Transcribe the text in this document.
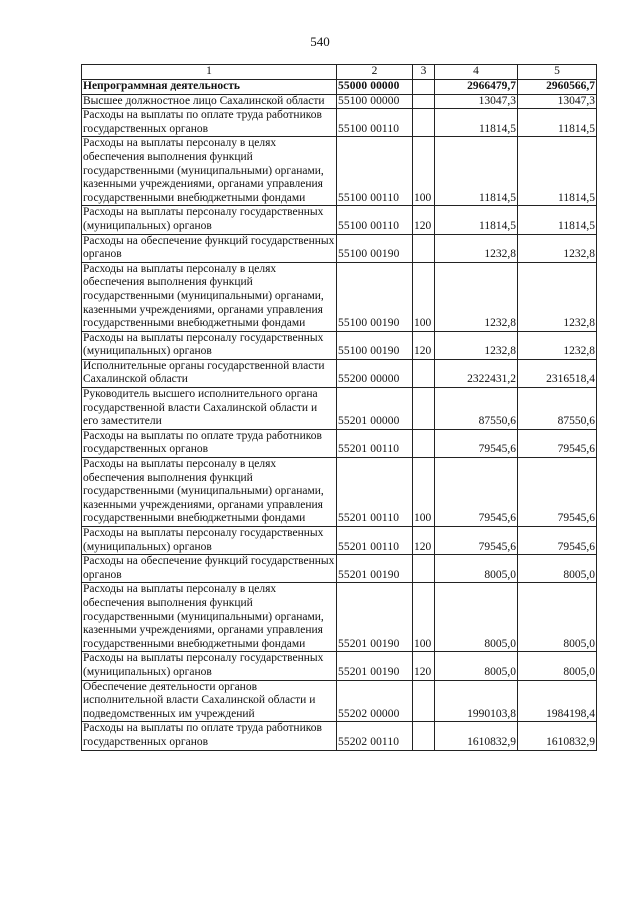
540
1	2	3	4	5
Непрограммная деятельность	55000 00000		2966479,7	2960566,7
Высшее должностное лицо Сахалинской области	55100 00000		13047,3	13047,3
Расходы на выплаты по оплате труда работников государственных органов	55100 00110		11814,5	11814,5
Расходы на выплаты персоналу в целях обеспечения выполнения функций государственными (муниципальными) органами, казенными учреждениями, органами управления государственными внебюджетными фондами	55100 00110	100	11814,5	11814,5
Расходы на выплаты персоналу государственных (муниципальных) органов	55100 00110	120	11814,5	11814,5
Расходы на обеспечение функций государственных органов	55100 00190		1232,8	1232,8
Расходы на выплаты персоналу в целях обеспечения выполнения функций государственными (муниципальными) органами, казенными учреждениями, органами управления государственными внебюджетными фондами	55100 00190	100	1232,8	1232,8
Расходы на выплаты персоналу государственных (муниципальных) органов	55100 00190	120	1232,8	1232,8
Исполнительные органы государственной власти Сахалинской области	55200 00000		2322431,2	2316518,4
Руководитель высшего исполнительного органа государственной власти Сахалинской области и его заместители	55201 00000		87550,6	87550,6
Расходы на выплаты по оплате труда работников государственных органов	55201 00110		79545,6	79545,6
Расходы на выплаты персоналу в целях обеспечения выполнения функций государственными (муниципальными) органами, казенными учреждениями, органами управления государственными внебюджетными фондами	55201 00110	100	79545,6	79545,6
Расходы на выплаты персоналу государственных (муниципальных) органов	55201 00110	120	79545,6	79545,6
Расходы на обеспечение функций государственных органов	55201 00190		8005,0	8005,0
Расходы на выплаты персоналу в целях обеспечения выполнения функций государственными (муниципальными) органами, казенными учреждениями, органами управления государственными внебюджетными фондами	55201 00190	100	8005,0	8005,0
Расходы на выплаты персоналу государственных (муниципальных) органов	55201 00190	120	8005,0	8005,0
Обеспечение деятельности органов исполнительной власти Сахалинской области и подведомственных им учреждений	55202 00000		1990103,8	1984198,4
Расходы на выплаты по оплате труда работников государственных органов	55202 00110		1610832,9	1610832,9
